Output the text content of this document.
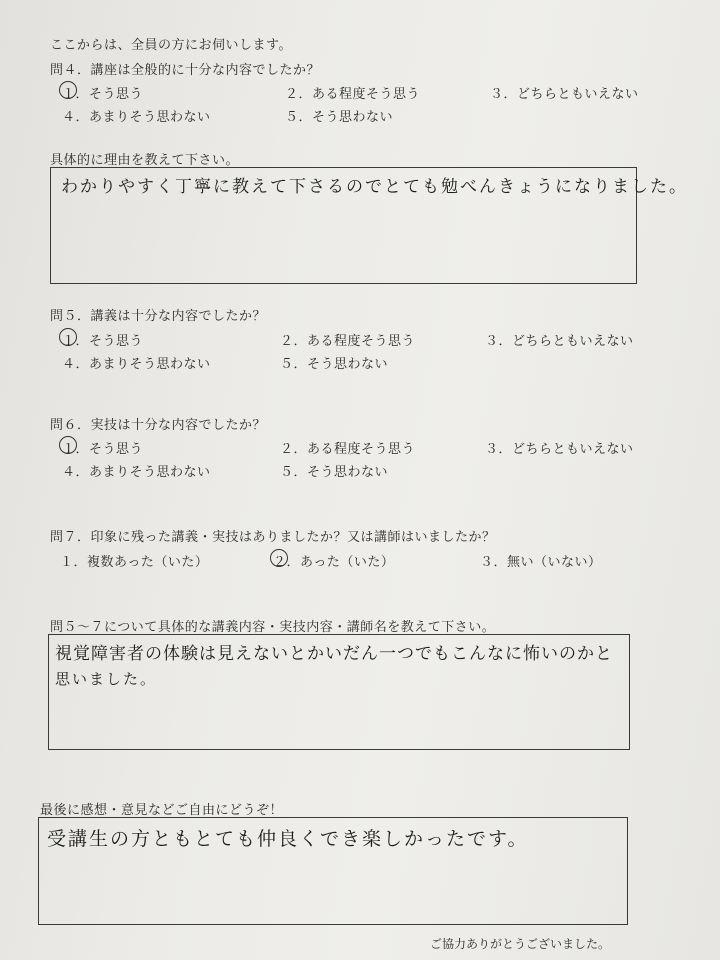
ここからは、全員の方にお伺いします。
問４．講座は全般的に十分な内容でしたか？
１．そう思う	２．ある程度そう思う	３．どちらともいえない
４．あまりそう思わない	５．そう思わない
具体的に理由を教えて下さい。
わかりやすく丁寧に教えて下さるのでとても勉べんきょうになりました。
問５．講義は十分な内容でしたか？
１．そう思う	２．ある程度そう思う	３．どちらともいえない
４．あまりそう思わない	５．そう思わない
問６．実技は十分な内容でしたか？
１．そう思う	２．ある程度そう思う	３．どちらともいえない
４．あまりそう思わない	５．そう思わない
問７．印象に残った講義・実技はありましたか？又は講師はいましたか？
１．複数あった（いた）	２．あった（いた）	３．無い（いない）
問５～７について具体的な講義内容・実技内容・講師名を教えて下さい。
視覚障害者の体験は見えないとかいだん一つでもこんなに怖いのかと
思いました。
最後に感想・意見などご自由にどうぞ！
受講生の方ともとても仲良くでき楽しかったです。
ご協力ありがとうございました。
